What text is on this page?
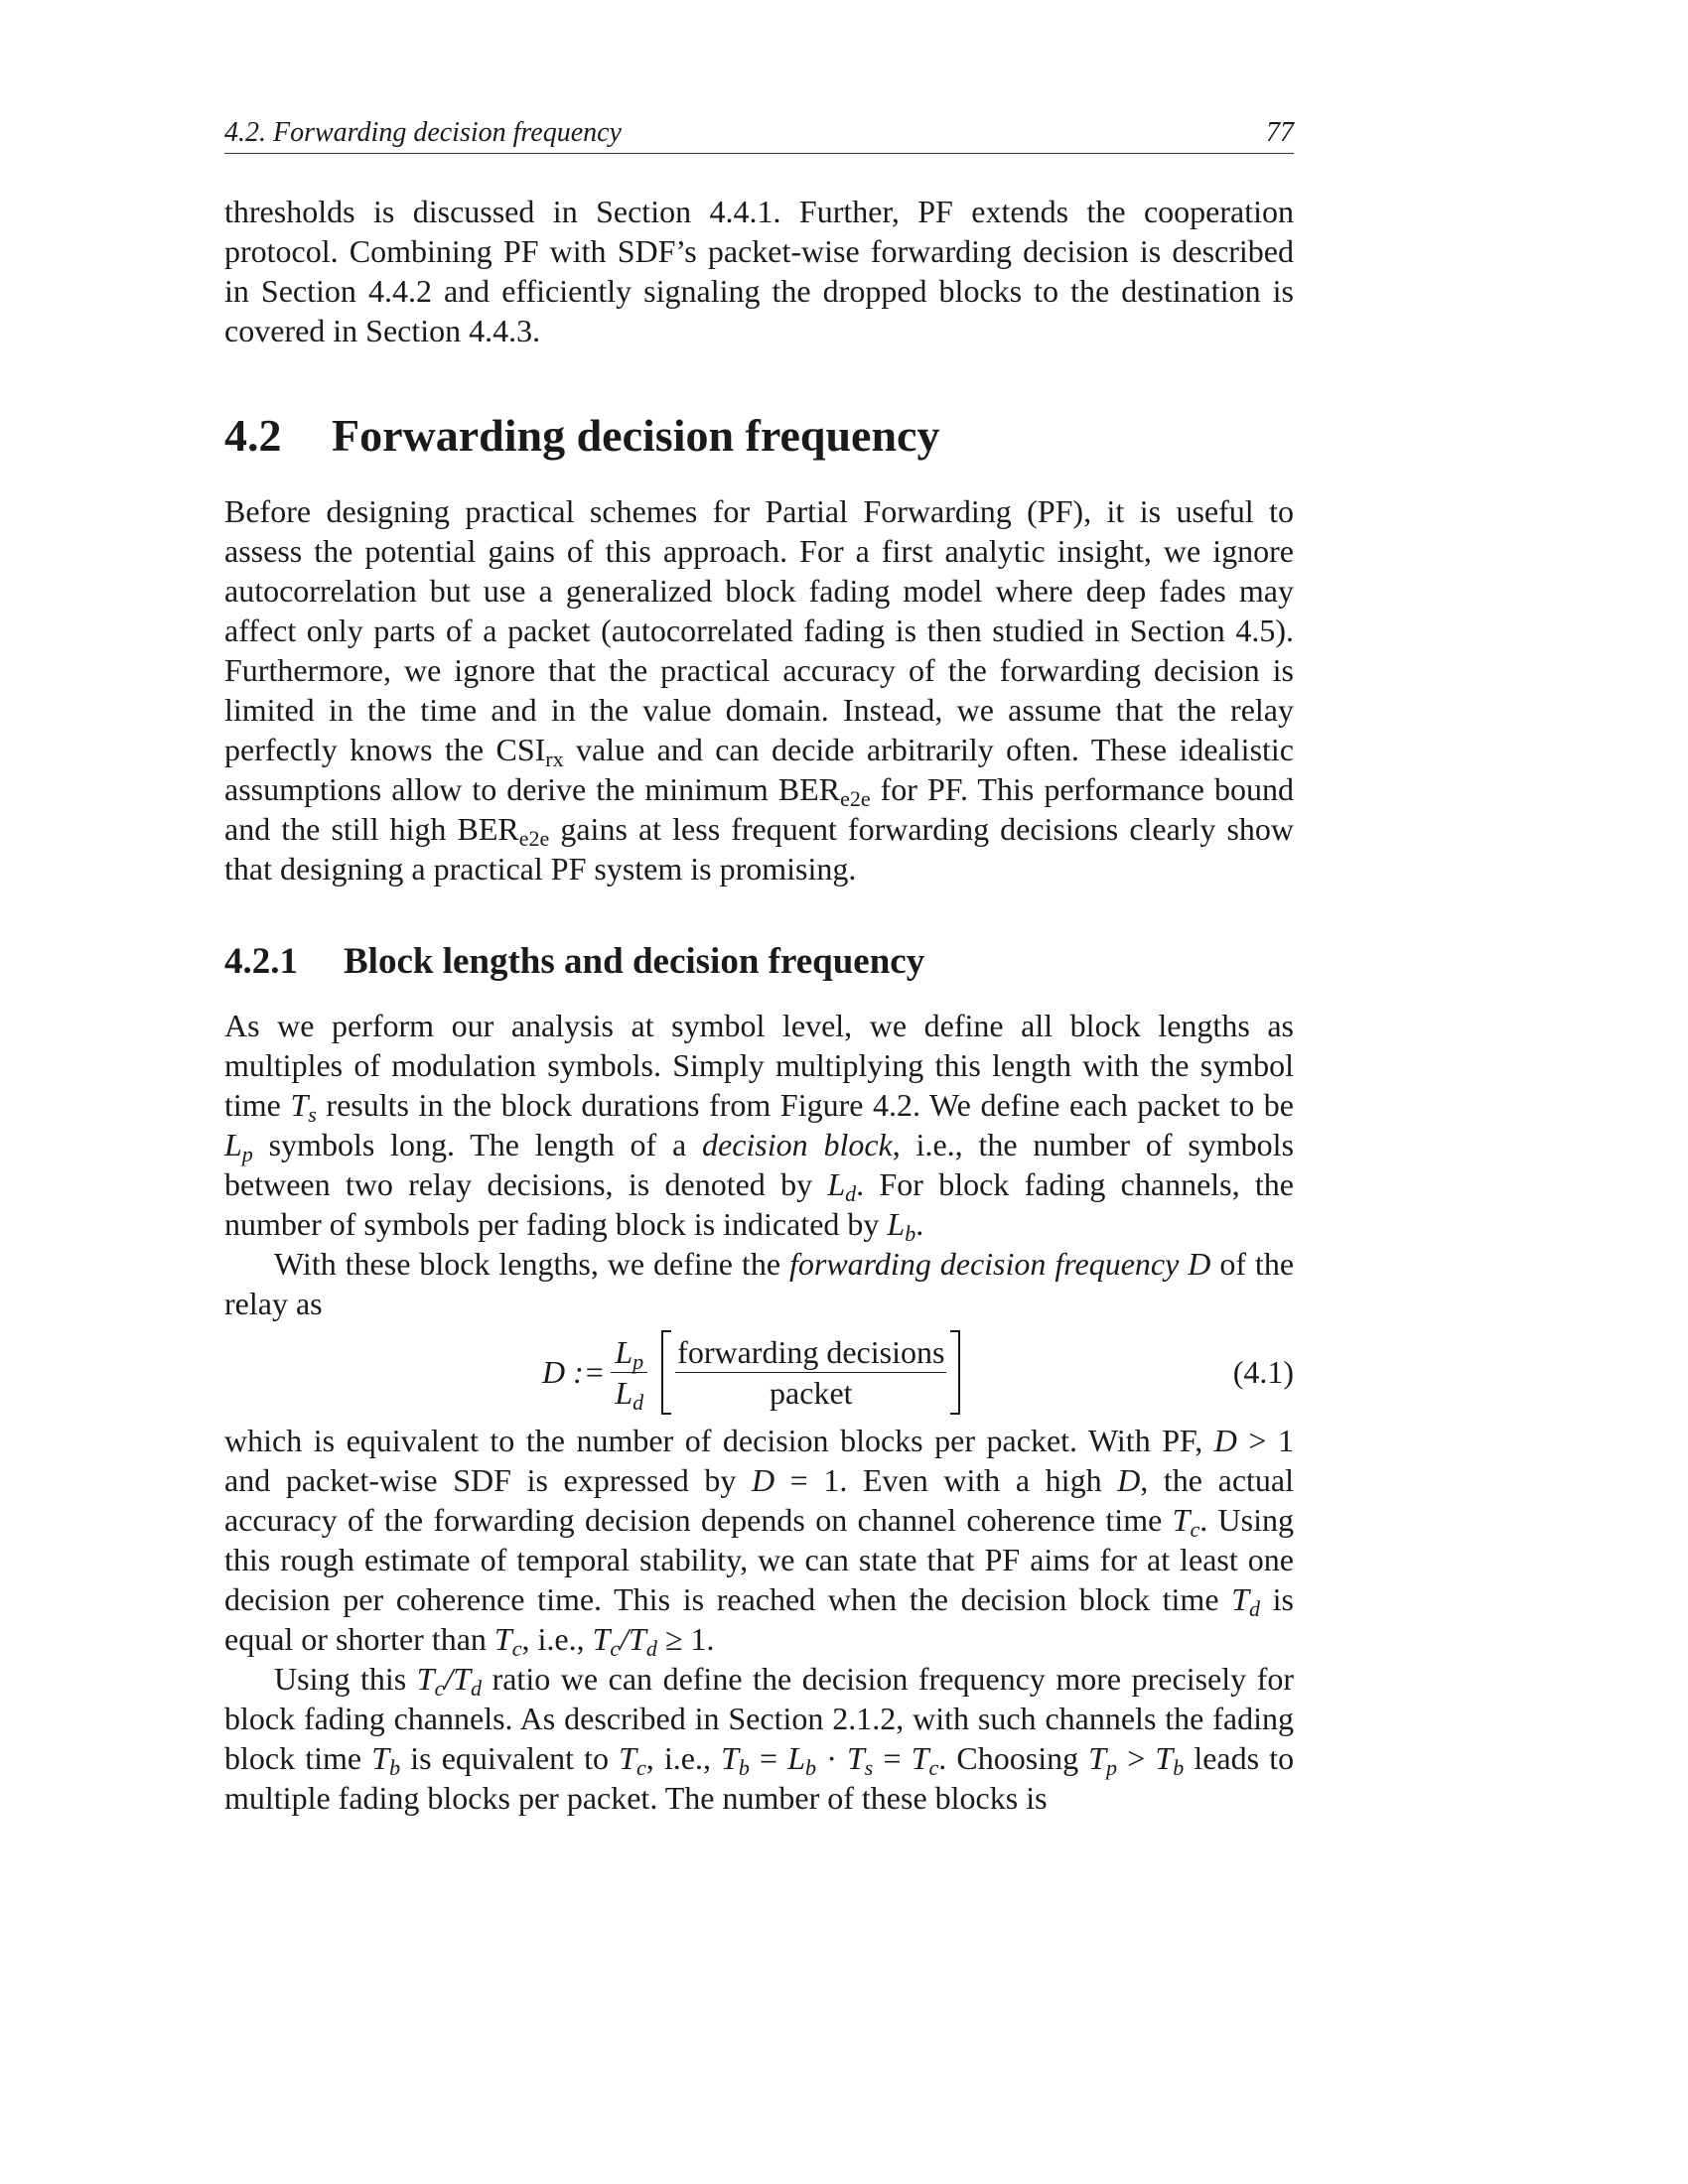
4.2. Forwarding decision frequency	77

thresholds is discussed in Section 4.4.1. Further, PF extends the cooperation protocol. Combining PF with SDF’s packet-wise forwarding decision is described in Section 4.4.2 and efficiently signaling the dropped blocks to the destination is covered in Section 4.4.3.

4.2 Forwarding decision frequency

Before designing practical schemes for Partial Forwarding (PF), it is useful to assess the potential gains of this approach. For a first analytic insight, we ignore autocorrelation but use a generalized block fading model where deep fades may affect only parts of a packet (autocorrelated fading is then studied in Section 4.5). Furthermore, we ignore that the practical accuracy of the forwarding decision is limited in the time and in the value domain. Instead, we assume that the relay perfectly knows the $CSI_{rx}$ value and can decide arbitrarily often. These idealistic assumptions allow to derive the minimum $BER_{e2e}$ for PF. This performance bound and the still high $BER_{e2e}$ gains at less frequent forwarding decisions clearly show that designing a practical PF system is promising.

4.2.1 Block lengths and decision frequency

As we perform our analysis at symbol level, we define all block lengths as multiples of modulation symbols. Simply multiplying this length with the symbol time $T_s$ results in the block durations from Figure 4.2. We define each packet to be $L_p$ symbols long. The length of a decision block, i.e., the number of symbols between two relay decisions, is denoted by $L_d$. For block fading channels, the number of symbols per fading block is indicated by $L_b$.

With these block lengths, we define the forwarding decision frequency D of the relay as

D := $\frac{L_p}{L_d}$ forwarding decisions
packet
(4.1)

which is equivalent to the number of decision blocks per packet. With PF, D > 1 and packet-wise SDF is expressed by D = 1. Even with a high D, the actual accuracy of the forwarding decision depends on channel coherence time $T_c$. Using this rough estimate of temporal stability, we can state that PF aims for at least one decision per coherence time. This is reached when the decision block time $T_d$ is equal or shorter than $T_c$, i.e., $T_c/T_d \ge 1$.

Using this $T_c/T_d$ ratio we can define the decision frequency more precisely for block fading channels. As described in Section 2.1.2, with such channels the fading block time $T_b$ is equivalent to $T_c$, i.e., $T_b = L_b \cdot T_s = T_c$. Choosing $T_p > T_b$ leads to multiple fading blocks per packet. The number of these blocks is
